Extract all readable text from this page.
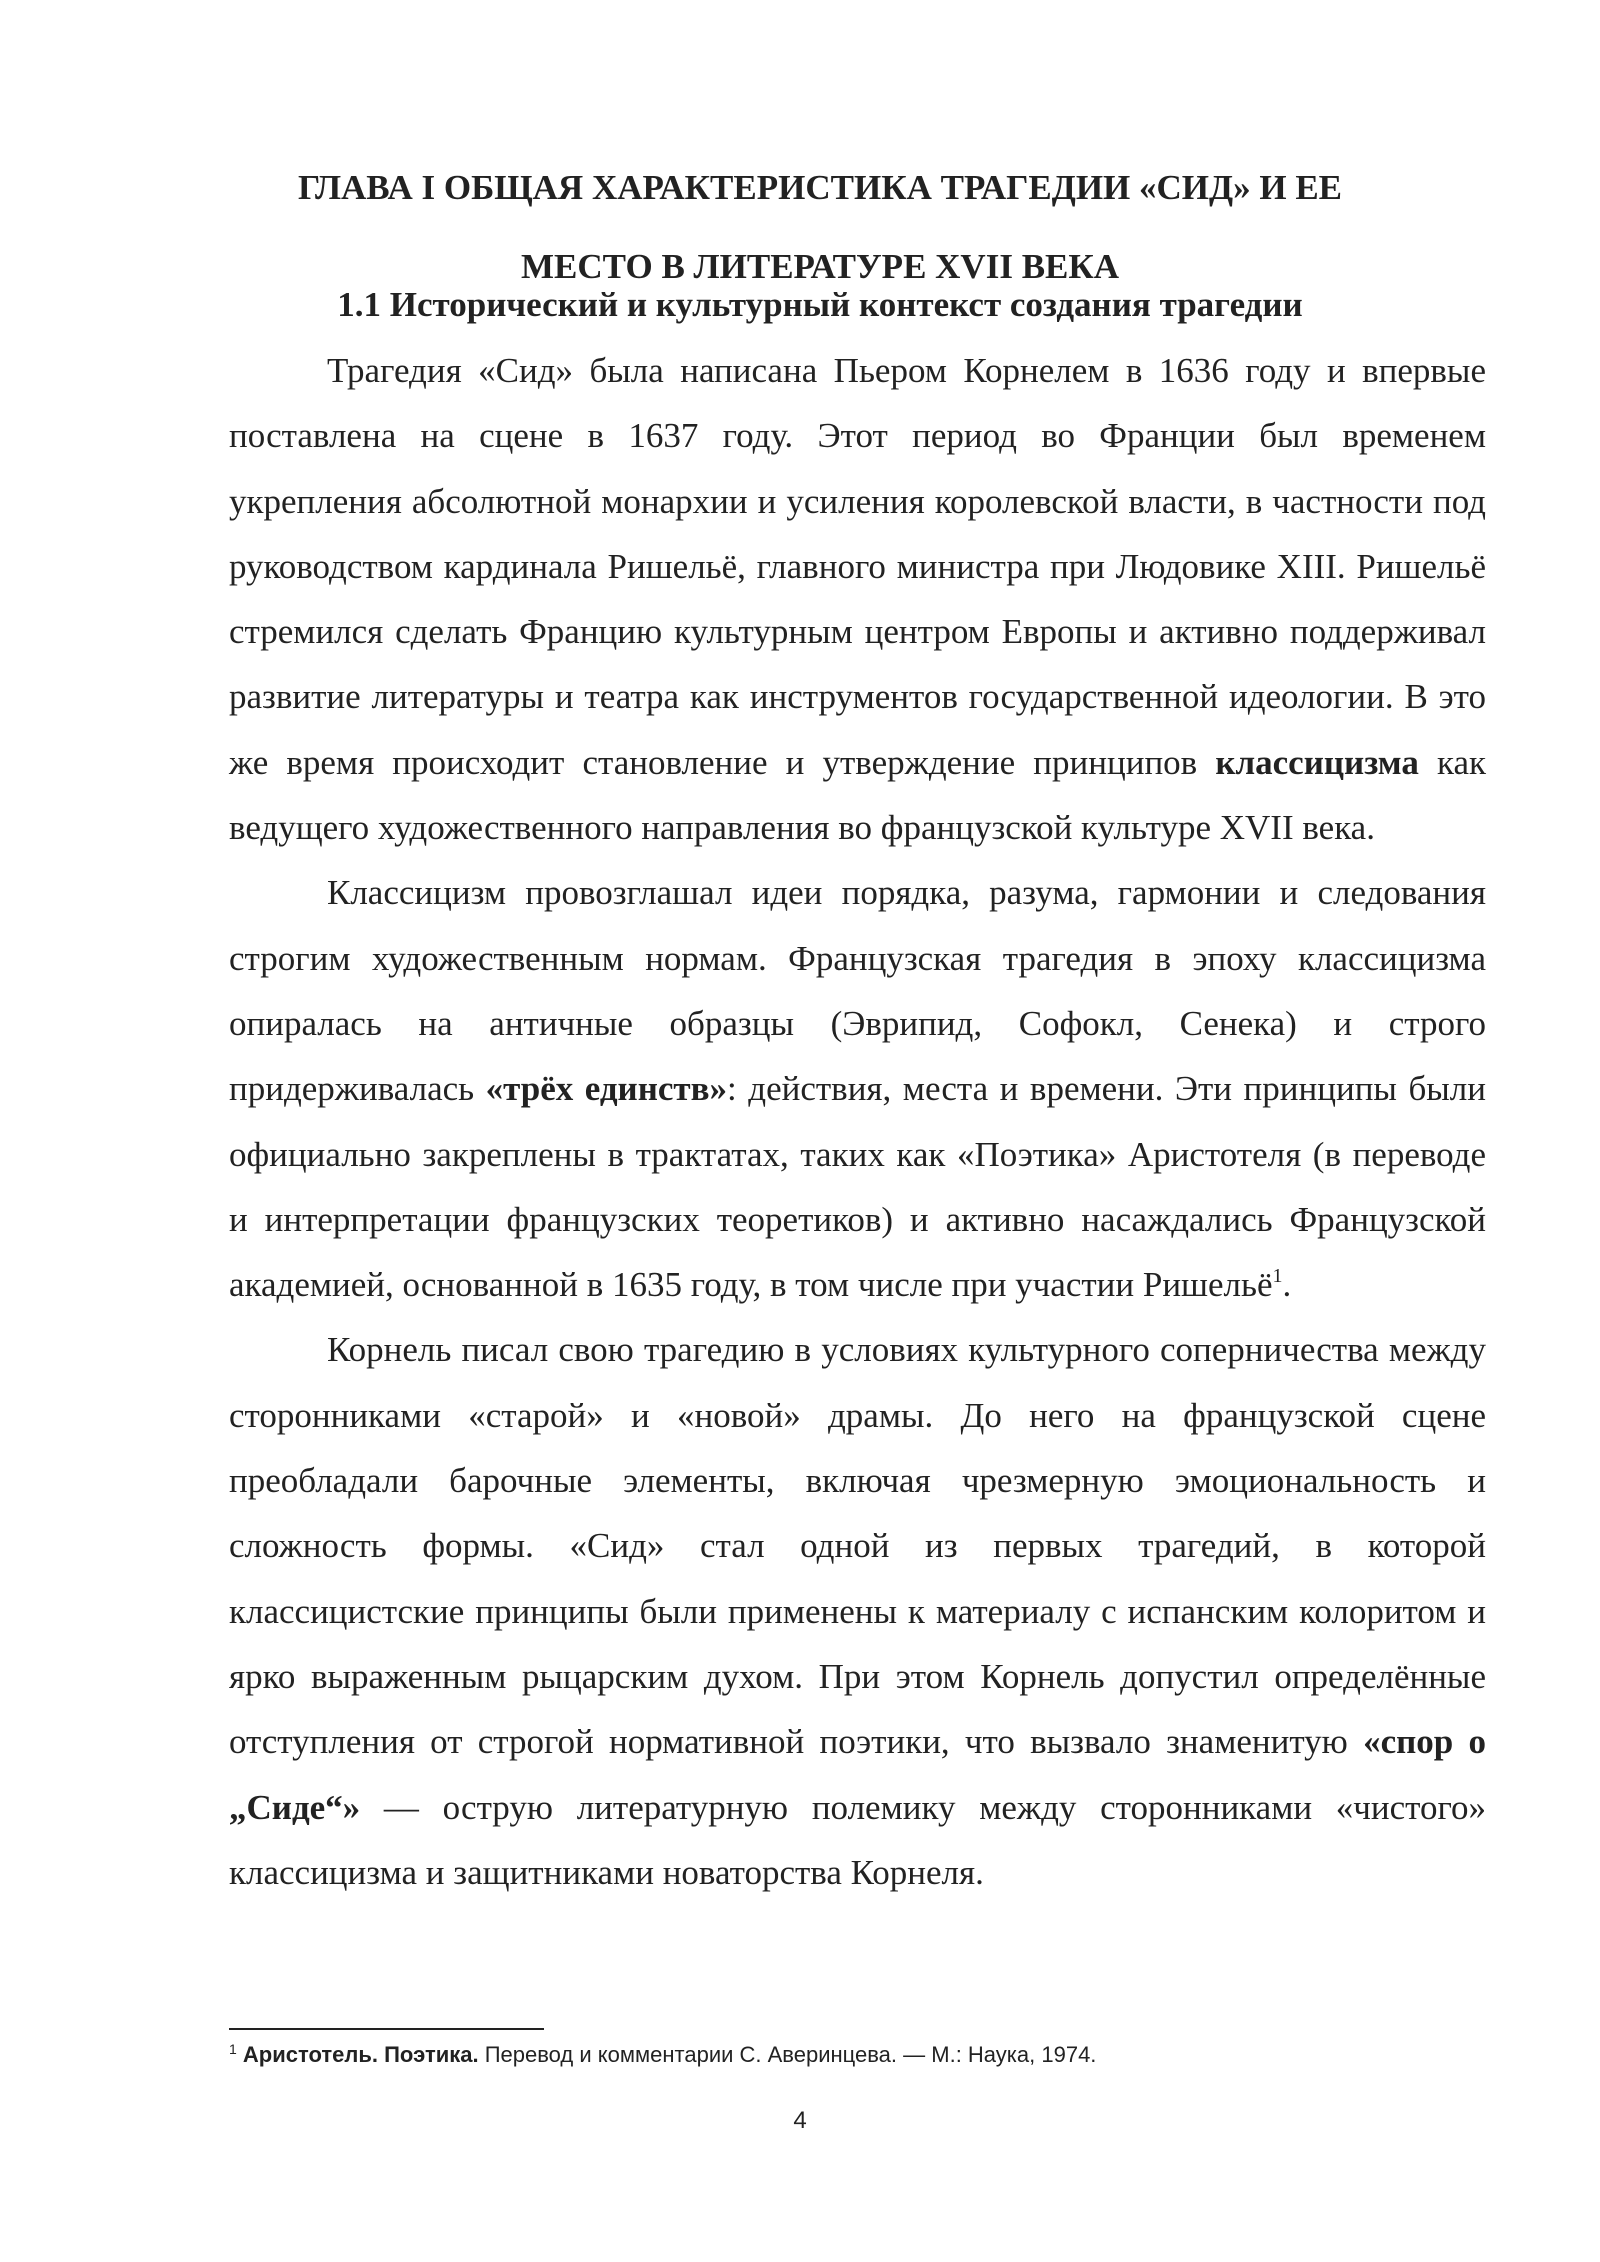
ГЛАВА I ОБЩАЯ ХАРАКТЕРИСТИКА ТРАГЕДИИ «СИД» И ЕЕ
МЕСТО В ЛИТЕРАТУРЕ XVII ВЕКА
1.1 Исторический и культурный контекст создания трагедии

Трагедия «Сид» была написана Пьером Корнелем в 1636 году и впервые поставлена на сцене в 1637 году. Этот период во Франции был временем укрепления абсолютной монархии и усиления королевской власти, в частности под руководством кардинала Ришельё, главного министра при Людовике XIII. Ришельё стремился сделать Францию культурным центром Европы и активно поддерживал развитие литературы и театра как инструментов государственной идеологии. В это же время происходит становление и утверждение принципов классицизма как ведущего художественного направления во французской культуре XVII века.

Классицизм провозглашал идеи порядка, разума, гармонии и следования строгим художественным нормам. Французская трагедия в эпоху классицизма опиралась на античные образцы (Эврипид, Софокл, Сенека) и строго придерживалась «трёх единств»: действия, места и времени. Эти принципы были официально закреплены в трактатах, таких как «Поэтика» Аристотеля (в переводе и интерпретации французских теоретиков) и активно насаждались Французской академией, основанной в 1635 году, в том числе при участии Ришельё$^1$.

Корнель писал свою трагедию в условиях культурного соперничества между сторонниками «старой» и «новой» драмы. До него на французской сцене преобладали барочные элементы, включая чрезмерную эмоциональность и сложность формы. «Сид» стал одной из первых трагедий, в которой классицистские принципы были применены к материалу с испанским колоритом и ярко выраженным рыцарским духом. При этом Корнель допустил определённые отступления от строгой нормативной поэтики, что вызвало знаменитую «спор о „Сиде“» — острую литературную полемику между сторонниками «чистого» классицизма и защитниками новаторства Корнеля.

$^1$ Аристотель. Поэтика. Перевод и комментарии С. Аверинцева. — М.: Наука, 1974.

4
